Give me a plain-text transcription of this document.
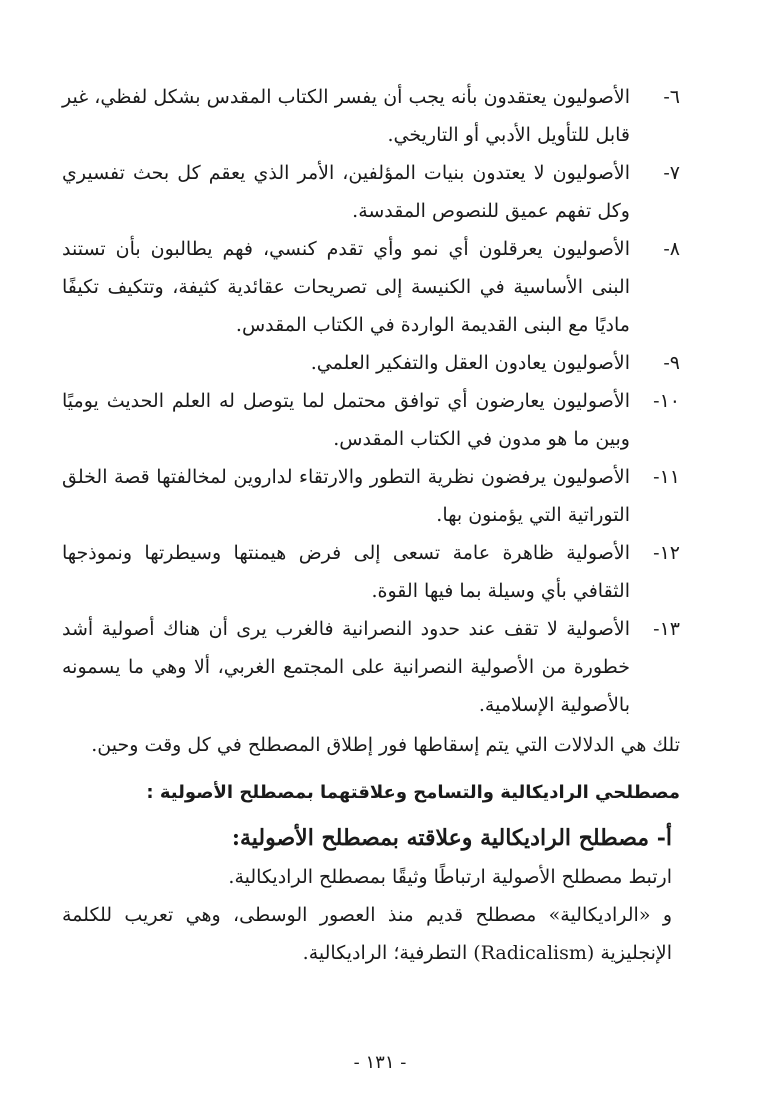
٦-
الأصوليون يعتقدون بأنه يجب أن يفسر الكتاب المقدس بشكل لفظي، غير قابل للتأويل الأدبي أو التاريخي.
٧-
الأصوليون لا يعتدون بنيات المؤلفين، الأمر الذي يعقم كل بحث تفسيري وكل تفهم عميق للنصوص المقدسة.
٨-
الأصوليون يعرقلون أي نمو وأي تقدم كنسي، فهم يطالبون بأن تستند البنى الأساسية في الكنيسة إلى تصريحات عقائدية كثيفة، وتتكيف تكيفًا ماديًا مع البنى القديمة الواردة في الكتاب المقدس.
٩-
الأصوليون يعادون العقل والتفكير العلمي.
١٠-
الأصوليون يعارضون أي توافق محتمل لما يتوصل له العلم الحديث يوميًا وبين ما هو مدون في الكتاب المقدس.
١١-
الأصوليون يرفضون نظرية التطور والارتقاء لداروين لمخالفتها قصة الخلق التوراتية التي يؤمنون بها.
١٢-
الأصولية ظاهرة عامة تسعى إلى فرض هيمنتها وسيطرتها ونموذجها الثقافي بأي وسيلة بما فيها القوة.
١٣-
الأصولية لا تقف عند حدود النصرانية فالغرب يرى أن هناك أصولية أشد خطورة من الأصولية النصرانية على المجتمع الغربي، ألا وهي ما يسمونه بالأصولية الإسلامية.
تلك هي الدلالات التي يتم إسقاطها فور إطلاق المصطلح في كل وقت وحين.
مصطلحي الراديكالية والتسامح وعلاقتهما بمصطلح الأصولية :
أ- مصطلح الراديكالية وعلاقته بمصطلح الأصولية:
ارتبط مصطلح الأصولية ارتباطًا وثيقًا بمصطلح الراديكالية.
و «الراديكالية» مصطلح قديم منذ العصور الوسطى، وهي تعريب للكلمة الإنجليزية (Radicalism) التطرفية؛ الراديكالية.
- ١٣١ -
